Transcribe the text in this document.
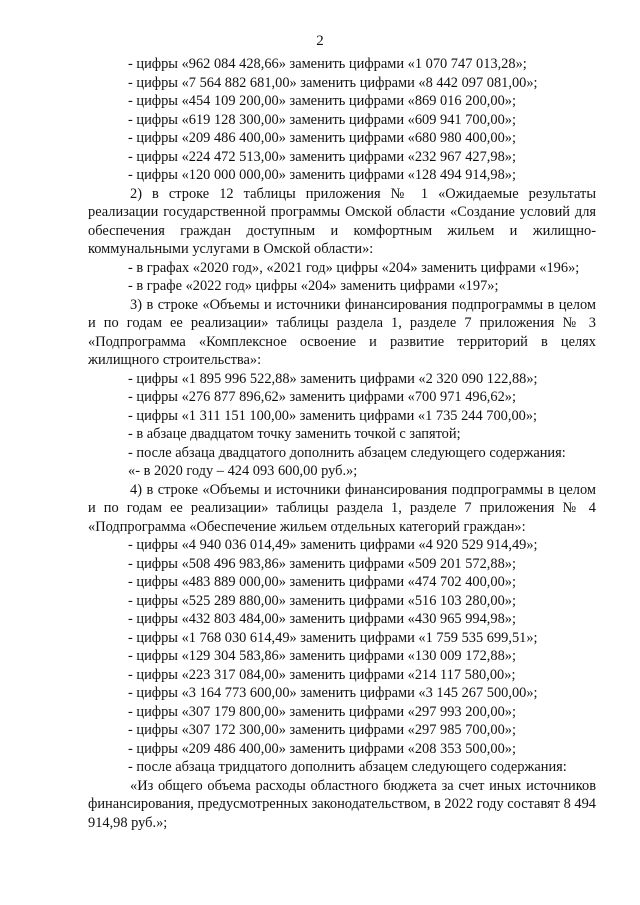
2

- цифры «962 084 428,66» заменить цифрами «1 070 747 013,28»;

- цифры «7 564 882 681,00» заменить цифрами «8 442 097 081,00»;

- цифры «454 109 200,00» заменить цифрами «869 016 200,00»;

- цифры «619 128 300,00» заменить цифрами «609 941 700,00»;

- цифры «209 486 400,00» заменить цифрами «680 980 400,00»;

- цифры «224 472 513,00» заменить цифрами «232 967 427,98»;

- цифры «120 000 000,00» заменить цифрами «128 494 914,98»;

2) в строке 12 таблицы приложения № 1 «Ожидаемые результаты реализации государственной программы Омской области «Создание условий для обеспечения граждан доступным и комфортным жильем и жилищно-коммунальными услугами в Омской области»:

- в графах «2020 год», «2021 год» цифры «204» заменить цифрами «196»;

- в графе «2022 год» цифры «204» заменить цифрами «197»;

3) в строке «Объемы и источники финансирования подпрограммы в целом и по годам ее реализации» таблицы раздела 1, разделе 7 приложения № 3 «Подпрограмма «Комплексное освоение и развитие территорий в целях жилищного строительства»:

- цифры «1 895 996 522,88» заменить цифрами «2 320 090 122,88»;

- цифры «276 877 896,62» заменить цифрами «700 971 496,62»;

- цифры «1 311 151 100,00» заменить цифрами «1 735 244 700,00»;

- в абзаце двадцатом точку заменить точкой с запятой;

- после абзаца двадцатого дополнить абзацем следующего содержания:

«- в 2020 году – 424 093 600,00 руб.»;

4) в строке «Объемы и источники финансирования подпрограммы в целом и по годам ее реализации» таблицы раздела 1, разделе 7 приложения № 4 «Подпрограмма «Обеспечение жильем отдельных категорий граждан»:

- цифры «4 940 036 014,49» заменить цифрами «4 920 529 914,49»;

- цифры «508 496 983,86» заменить цифрами «509 201 572,88»;

- цифры «483 889 000,00» заменить цифрами «474 702 400,00»;

- цифры «525 289 880,00» заменить цифрами «516 103 280,00»;

- цифры «432 803 484,00» заменить цифрами «430 965 994,98»;

- цифры «1 768 030 614,49» заменить цифрами «1 759 535 699,51»;

- цифры «129 304 583,86» заменить цифрами «130 009 172,88»;

- цифры «223 317 084,00» заменить цифрами «214 117 580,00»;

- цифры «3 164 773 600,00» заменить цифрами «3 145 267 500,00»;

- цифры «307 179 800,00» заменить цифрами «297 993 200,00»;

- цифры «307 172 300,00» заменить цифрами «297 985 700,00»;

- цифры «209 486 400,00» заменить цифрами «208 353 500,00»;

- после абзаца тридцатого дополнить абзацем следующего содержания:

«Из общего объема расходы областного бюджета за счет иных источников финансирования, предусмотренных законодательством, в 2022 году составят 8 494 914,98 руб.»;
